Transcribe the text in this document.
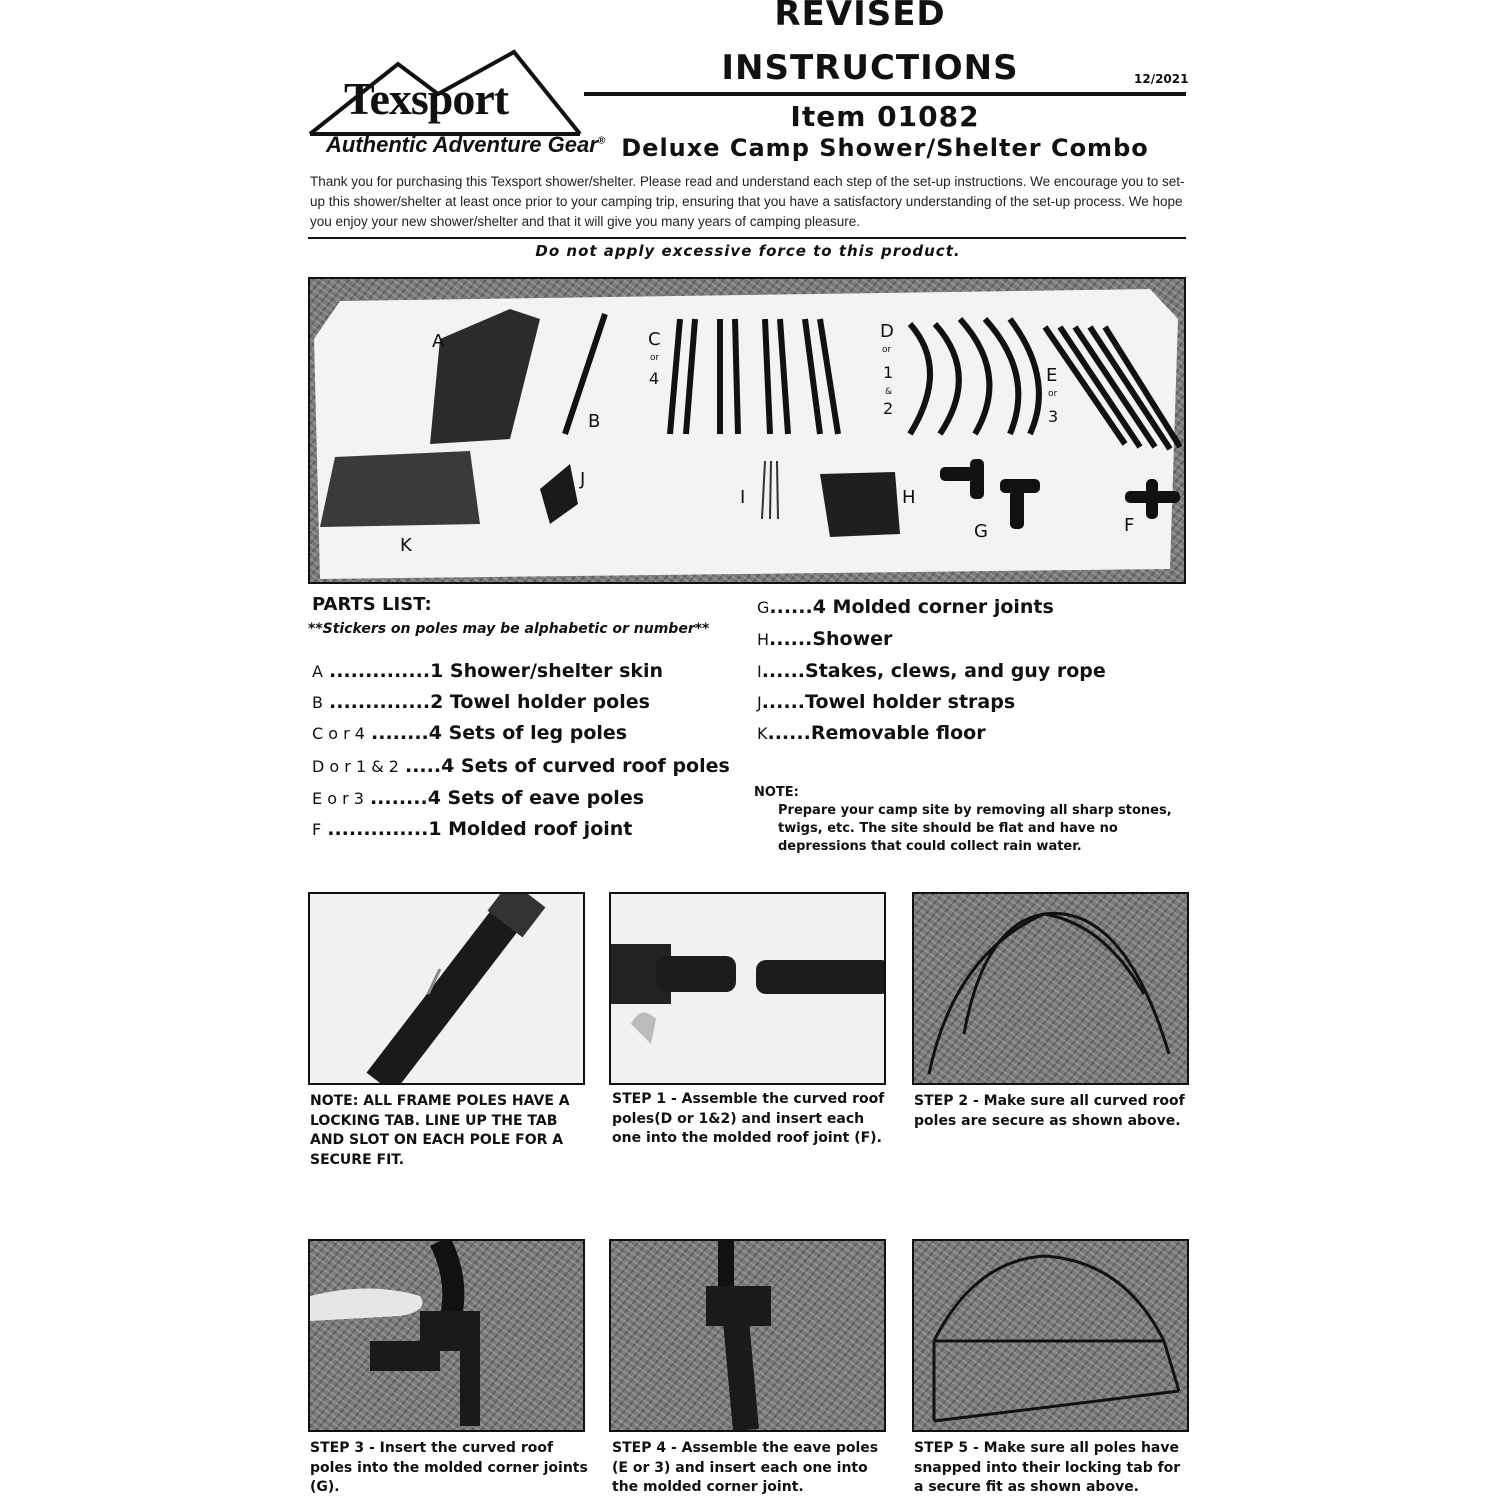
Texsport
Authentic Adventure Gear®
REVISED
INSTRUCTIONS	12/2021
Item 01082
Deluxe Camp Shower/Shelter Combo
Thank you for purchasing this Texsport shower/shelter. Please read and understand each step of the set-up instructions. We encourage you to set-up this shower/shelter at least once prior to your camping trip, ensuring that you have a satisfactory understanding of the set-up process. We hope you enjoy your new shower/shelter and that it will give you many years of camping pleasure.
Do not apply excessive force to this product.
A
B
C
or
4
D
or
1
&
2
E
or
3
F
G
H
I
J
K
PARTS LIST:
**Stickers on poles may be alphabetic or number**
A ..............1 Shower/shelter skin
B ..............2 Towel holder poles
C o r 4 ........4 Sets of leg poles
D o r 1 & 2 .....4 Sets of curved roof poles
E o r 3 ........4 Sets of eave poles
F ..............1 Molded roof joint
G......4 Molded corner joints
H......Shower
I......Stakes, clews, and guy rope
J......Towel holder straps
K......Removable floor
NOTE:
Prepare your camp site by removing all sharp stones, twigs, etc. The site should be flat and have no depressions that could collect rain water.
NOTE: ALL FRAME POLES HAVE A LOCKING TAB. LINE UP THE TAB AND SLOT ON EACH POLE FOR A SECURE FIT.
STEP 1 - Assemble the curved roof poles(D or 1&2) and insert each one into the molded roof joint (F).
STEP 2 - Make sure all curved roof poles are secure as shown above.
STEP 3 - Insert the curved roof poles into the molded corner joints (G).
STEP 4 - Assemble the eave poles (E or 3) and insert each one into the molded corner joint.
STEP 5 - Make sure all poles have snapped into their locking tab for a secure fit as shown above.
